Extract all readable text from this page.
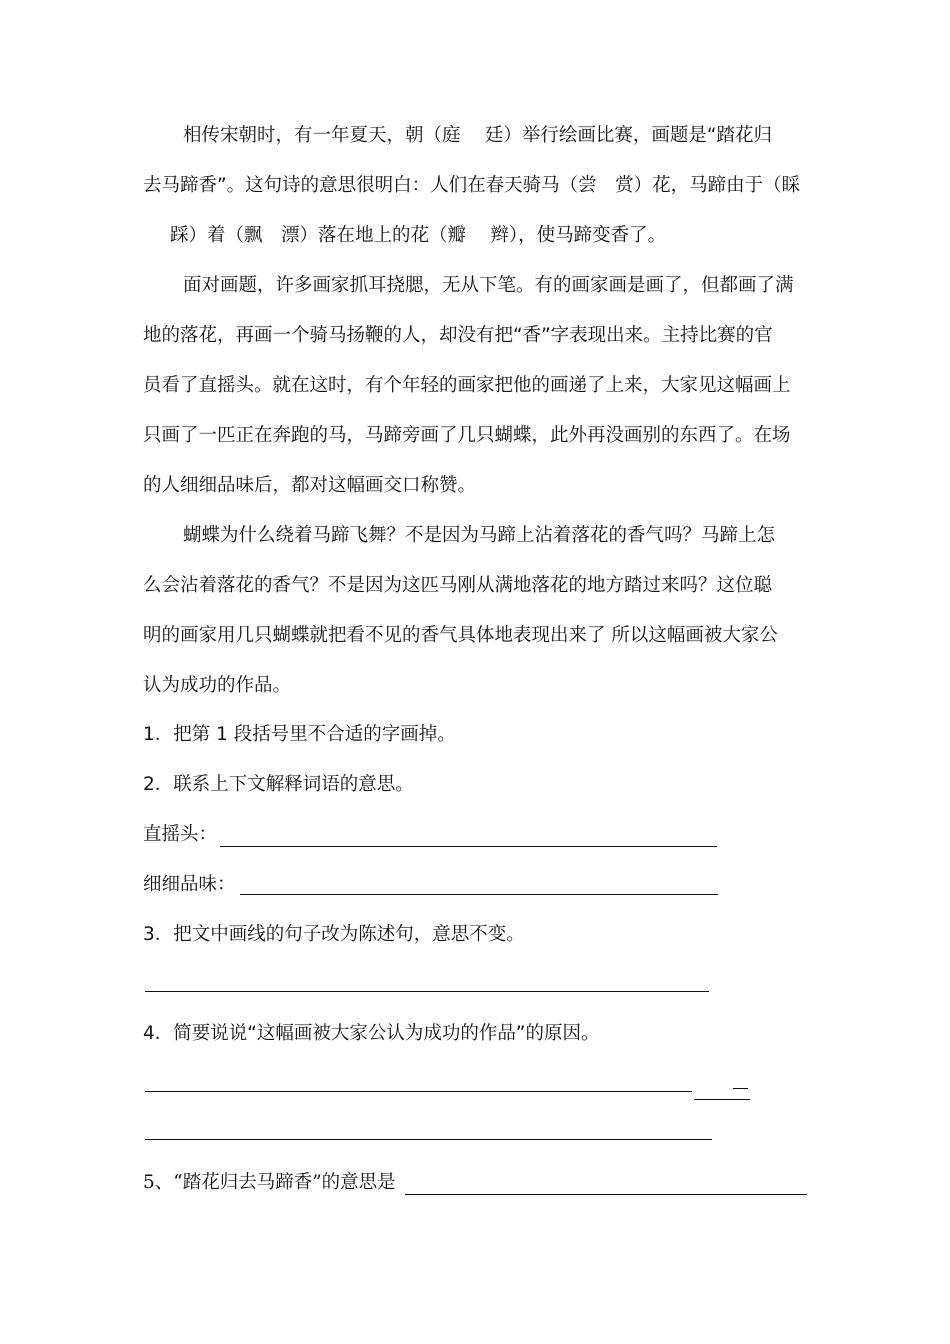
相传宋朝时，有一年夏天，朝（庭　 廷）举行绘画比赛，画题是“踏花归
去马蹄香”。这句诗的意思很明白：人们在春天骑马（尝　赏）花，马蹄由于（睬
踩）着（飘　漂）落在地上的花（瓣　 辫），使马蹄变香了。
面对画题，许多画家抓耳挠腮，无从下笔。有的画家画是画了，但都画了满
地的落花，再画一个骑马扬鞭的人，却没有把“香”字表现出来。主持比赛的官
员看了直摇头。就在这时，有个年轻的画家把他的画递了上来，大家见这幅画上
只画了一匹正在奔跑的马，马蹄旁画了几只蝴蝶，此外再没画别的东西了。在场
的人细细品味后，都对这幅画交口称赞。
蝴蝶为什么绕着马蹄飞舞？不是因为马蹄上沾着落花的香气吗？马蹄上怎
么会沾着落花的香气？不是因为这匹马刚从满地落花的地方踏过来吗？这位聪
明的画家用几只蝴蝶就把看不见的香气具体地表现出来了 所以这幅画被大家公
认为成功的作品。
1．把第 1 段括号里不合适的字画掉。
2．联系上下文解释词语的意思。
直摇头：
细细品味：
3．把文中画线的句子改为陈述句，意思不变。
4．简要说说“这幅画被大家公认为成功的作品”的原因。
5、“踏花归去马蹄香”的意思是
